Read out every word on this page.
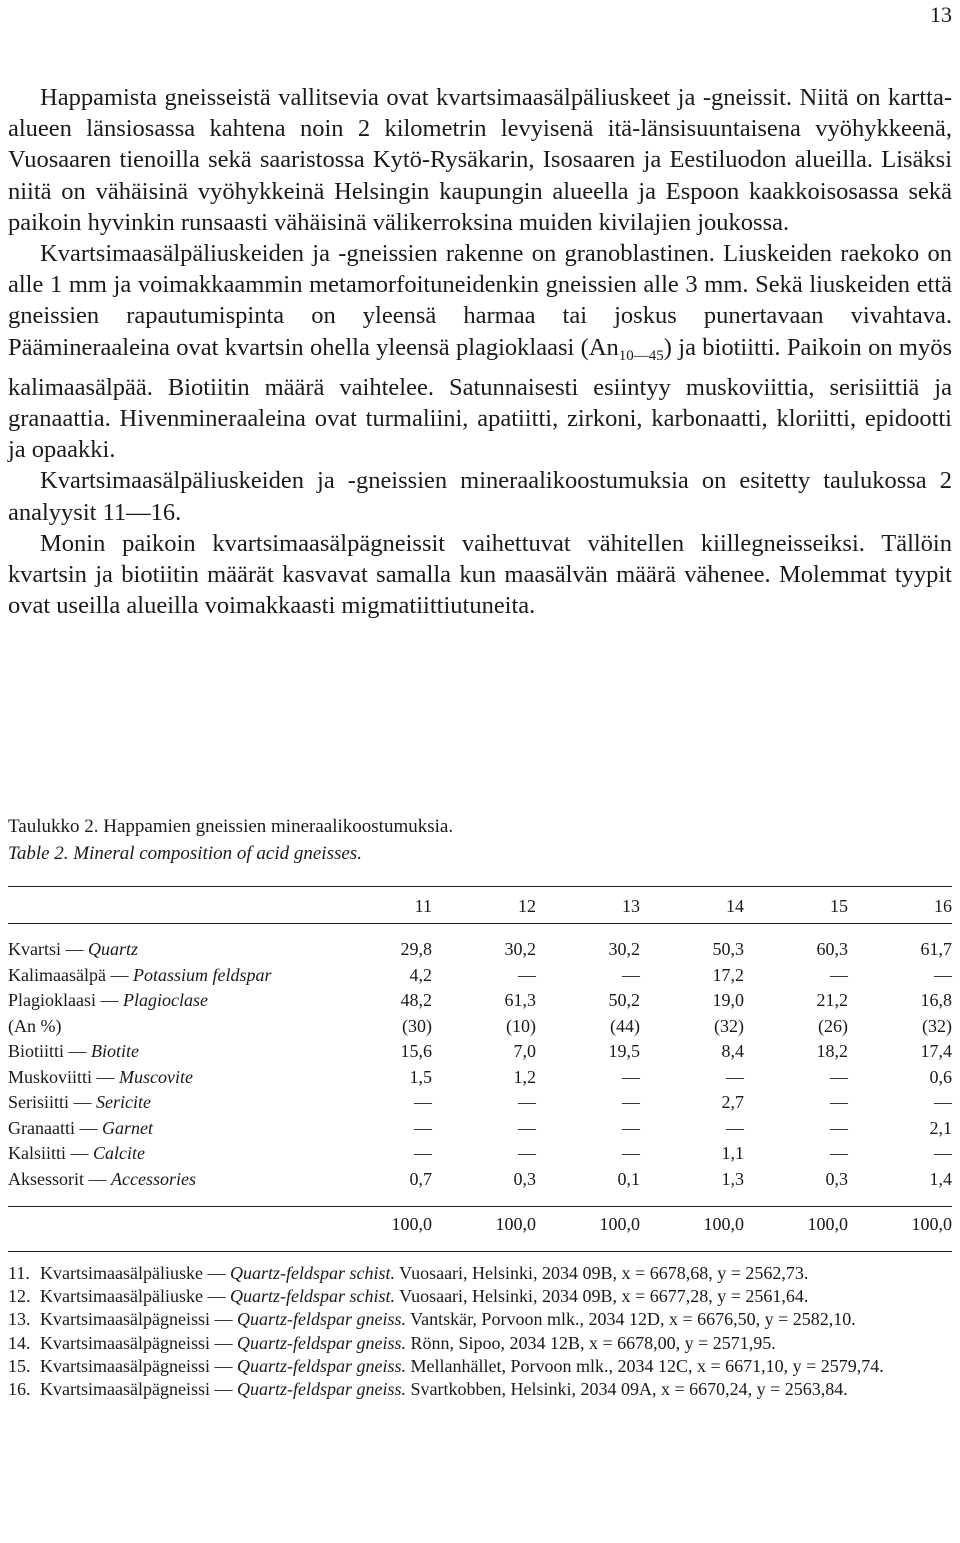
13

Happamista gneisseistä vallitsevia ovat kvartsimaasälpäliuskeet ja -gneissit. Niitä on kartta-alueen länsiosassa kahtena noin 2 kilometrin levyisenä itä-länsisuuntaisena vyöhykkeenä, Vuosaaren tienoilla sekä saaristossa Kytö-Rysäkarin, Isosaaren ja Eestiluodon alueilla. Lisäksi niitä on vähäisinä vyöhykkeinä Helsingin kaupungin alueella ja Espoon kaakkoisosassa sekä paikoin hyvinkin runsaasti vähäisinä välikerroksina muiden kivilajien joukossa.

Kvartsimaasälpäliuskeiden ja -gneissien rakenne on granoblastinen. Liuskeiden raekoko on alle 1 mm ja voimakkaammin metamorfoituneidenkin gneissien alle 3 mm. Sekä liuskeiden että gneissien rapautumispinta on yleensä harmaa tai joskus punertavaan vivahtava. Päämineraaleina ovat kvartsin ohella yleensä plagioklaasi $(An_{10—45})$ ja biotiitti. Paikoin on myös kalimaasälpää. Biotiitin määrä vaihtelee. Satunnaisesti esiintyy muskoviittia, serisiittiä ja granaattia. Hivenmineraaleina ovat turmaliini, apatiitti, zirkoni, karbonaatti, kloriitti, epidootti ja opaakki.

Kvartsimaasälpäliuskeiden ja -gneissien mineraalikoostumuksia on esitetty taulukossa 2 analyysit 11—16.

Monin paikoin kvartsimaasälpägneissit vaihettuvat vähitellen kiillegneisseiksi. Tällöin kvartsin ja biotiitin määrät kasvavat samalla kun maasälvän määrä vähenee. Molemmat tyypit ovat useilla alueilla voimakkaasti migmatiittiutuneita.

Taulukko 2. Happamien gneissien mineraalikoostumuksia.
Table 2. Mineral composition of acid gneisses.
	11	12	13	14	15	16
Kvartsi — Quartz	29,8	30,2	30,2	50,3	60,3	61,7
Kalimaasälpä — Potassium feldspar	4,2	—	—	17,2	—	—
Plagioklaasi — Plagioclase	48,2	61,3	50,2	19,0	21,2	16,8
(An %)	(30)	(10)	(44)	(32)	(26)	(32)
Biotiitti — Biotite	15,6	7,0	19,5	8,4	18,2	17,4
Muskoviitti — Muscovite	1,5	1,2	—	—	—	0,6
Serisiitti — Sericite	—	—	—	2,7	—	—
Granaatti — Garnet	—	—	—	—	—	2,1
Kalsiitti — Calcite	—	—	—	1,1	—	—
Aksessorit — Accessories	0,7	0,3	0,1	1,3	0,3	1,4
	100,0	100,0	100,0	100,0	100,0	100,0
11. Kvartsimaasälpäliuske — Quartz-feldspar schist. Vuosaari, Helsinki, 2034 09B, x = 6678,68, y = 2562,73.
12. Kvartsimaasälpäliuske — Quartz-feldspar schist. Vuosaari, Helsinki, 2034 09B, x = 6677,28, y = 2561,64.
13. Kvartsimaasälpägneissi — Quartz-feldspar gneiss. Vantskär, Porvoon mlk., 2034 12D, x = 6676,50, y = 2582,10.
14. Kvartsimaasälpägneissi — Quartz-feldspar gneiss. Rönn, Sipoo, 2034 12B, x = 6678,00, y = 2571,95.
15. Kvartsimaasälpägneissi — Quartz-feldspar gneiss. Mellanhället, Porvoon mlk., 2034 12C, x = 6671,10, y = 2579,74.
16. Kvartsimaasälpägneissi — Quartz-feldspar gneiss. Svartkobben, Helsinki, 2034 09A, x = 6670,24, y = 2563,84.
